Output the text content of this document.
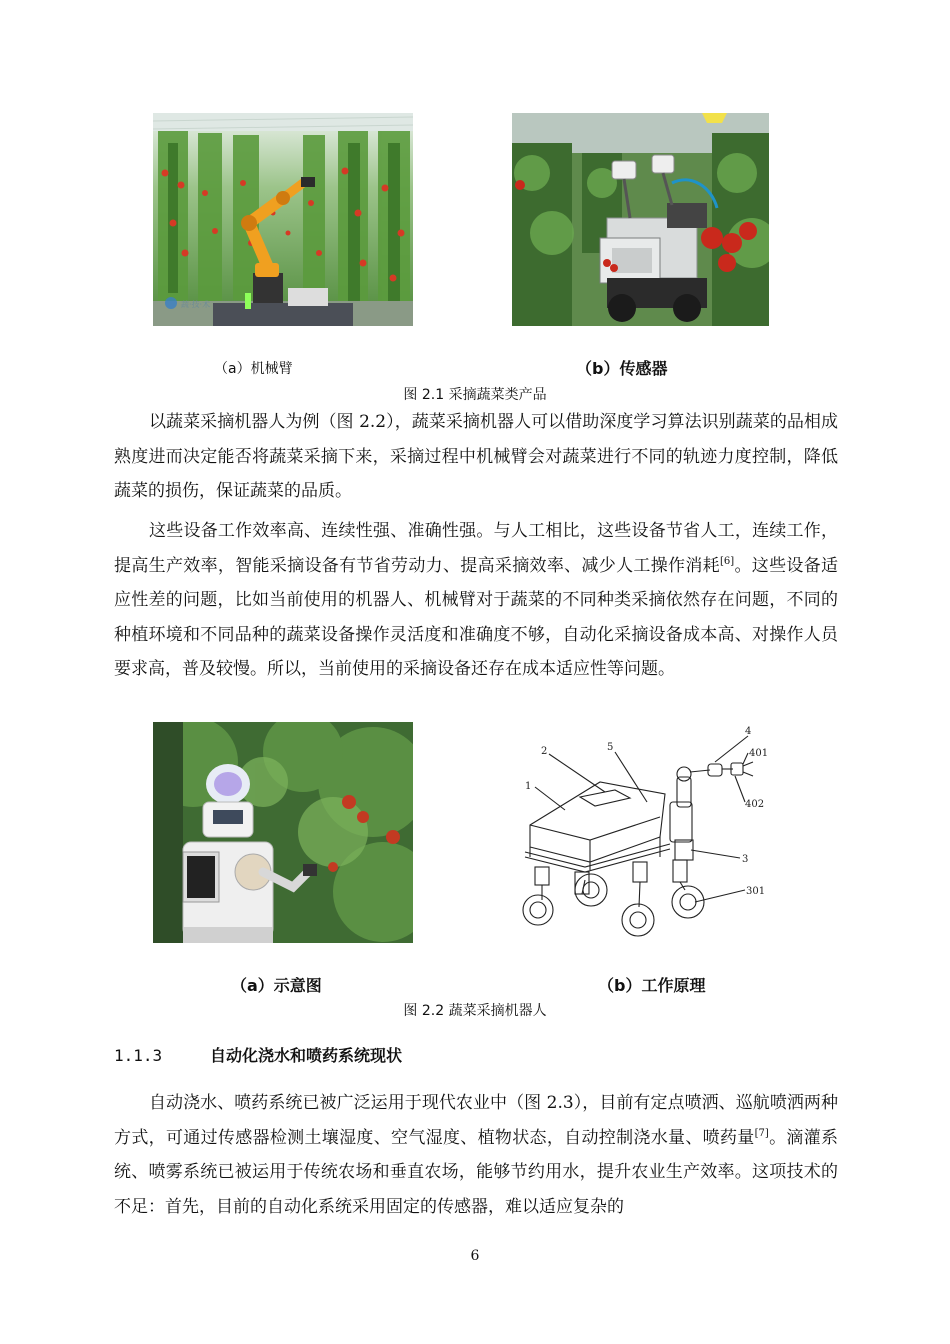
蔬·技·术
（a）机械臂	（b）传感器
图 2.1 采摘蔬菜类产品

以蔬菜采摘机器人为例（图 2.2），蔬菜采摘机器人可以借助深度学习算法识别蔬菜的品相成熟度进而决定能否将蔬菜采摘下来，采摘过程中机械臂会对蔬菜进行不同的轨迹力度控制，降低蔬菜的损伤，保证蔬菜的品质。

这些设备工作效率高、连续性强、准确性强。与人工相比，这些设备节省人工，连续工作，提高生产效率，智能采摘设备有节省劳动力、提高采摘效率、减少人工操作消耗[6]。这些设备适应性差的问题，比如当前使用的机器人、机械臂对于蔬菜的不同种类采摘依然存在问题，不同的种植环境和不同品种的蔬菜设备操作灵活度和准确度不够，自动化采摘设备成本高、对操作人员要求高，普及较慢。所以，当前使用的采摘设备还存在成本适应性等问题。

1
2	5
4
401
402
3
301
（a）示意图	（b）工作原理
图 2.2 蔬菜采摘机器人
1.1.3	自动化浇水和喷药系统现状

自动浇水、喷药系统已被广泛运用于现代农业中（图 2.3），目前有定点喷洒、巡航喷洒两种方式，可通过传感器检测土壤湿度、空气湿度、植物状态，自动控制浇水量、喷药量[7]。滴灌系统、喷雾系统已被运用于传统农场和垂直农场，能够节约用水，提升农业生产效率。这项技术的不足：首先，目前的自动化系统采用固定的传感器，难以适应复杂的

6
